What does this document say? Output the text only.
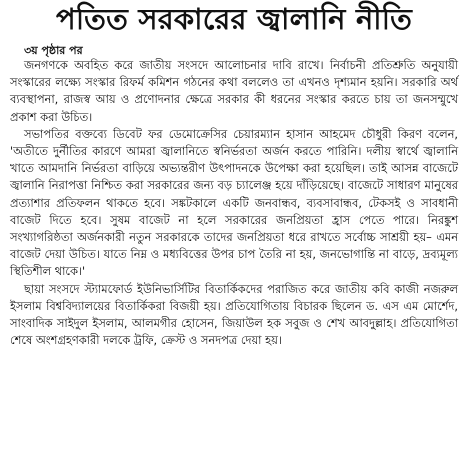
পতিত সরকারের জ্বালানি নীতি
৩য় পৃষ্ঠার পর

জনগণকে অবহিত করে জাতীয় সংসদে আলোচনার দাবি রাখে। নির্বাচনী প্রতিশ্রুতি অনুযায়ী সংস্কারের লক্ষ্যে সংস্কার রিফর্ম কমিশন গঠনের কথা বললেও তা এখনও দৃশ্যমান হয়নি। সরকারি অর্থ ব্যবস্থাপনা, রাজস্ব আয় ও প্রণোদনার ক্ষেত্রে সরকার কী ধরনের সংস্কার করতে চায় তা জনসম্মুখে প্রকাশ করা উচিত।

সভাপতির বক্তব্যে ডিবেট ফর ডেমোক্রেসির চেয়ারম্যান হাসান আহমেদ চৌধুরী কিরণ বলেন, 'অতীতে দুর্নীতির কারণে আমরা জ্বালানিতে স্বনির্ভরতা অর্জন করতে পারিনি। দলীয় স্বার্থে জ্বালানি খাতে আমদানি নির্ভরতা বাড়িয়ে অভ্যন্তরীণ উৎপাদনকে উপেক্ষা করা হয়েছিল। তাই আসন্ন বাজেটে জ্বালানি নিরাপত্তা নিশ্চিত করা সরকারের জন্য বড় চ্যালেঞ্জ হয়ে দাঁড়িয়েছে। বাজেটে সাধারণ মানুষের প্রত্যাশার প্রতিফলন থাকতে হবে। সঙ্কটকালে একটি জনবান্ধব, ব্যবসাবান্ধব, টেকসই ও সাবধানী বাজেট দিতে হবে। সুষম বাজেট না হলে সরকারের জনপ্রিয়তা হ্রাস পেতে পারে। নিরঙ্কুশ সংখ্যাগরিষ্ঠতা অর্জনকারী নতুন সরকারকে তাদের জনপ্রিয়তা ধরে রাখতে সর্বোচ্চ সাশ্রয়ী হয়– এমন বাজেট দেয়া উচিত। যাতে নিম্ন ও মধ্যবিত্তের উপর চাপ তৈরি না হয়, জনভোগান্তি না বাড়ে, দ্রব্যমূল্য স্থিতিশীল থাকে।'

ছায়া সংসদে স্ট্যামফোর্ড ইউনিভার্সিটির বিতার্কিকদের পরাজিত করে জাতীয় কবি কাজী নজরুল ইসলাম বিশ্ববিদ্যালয়ের বিতার্কিকরা বিজয়ী হয়। প্রতিযোগিতায় বিচারক ছিলেন ড. এস এম মোর্শেদ, সাংবাদিক সাইদুল ইসলাম, আলমগীর হোসেন, জিয়াউল হক সবুজ ও শেখ আবদুল্লাহ। প্রতিযোগিতা শেষে অংশগ্রহণকারী দলকে ট্রফি, ক্রেস্ট ও সনদপত্র দেয়া হয়।
